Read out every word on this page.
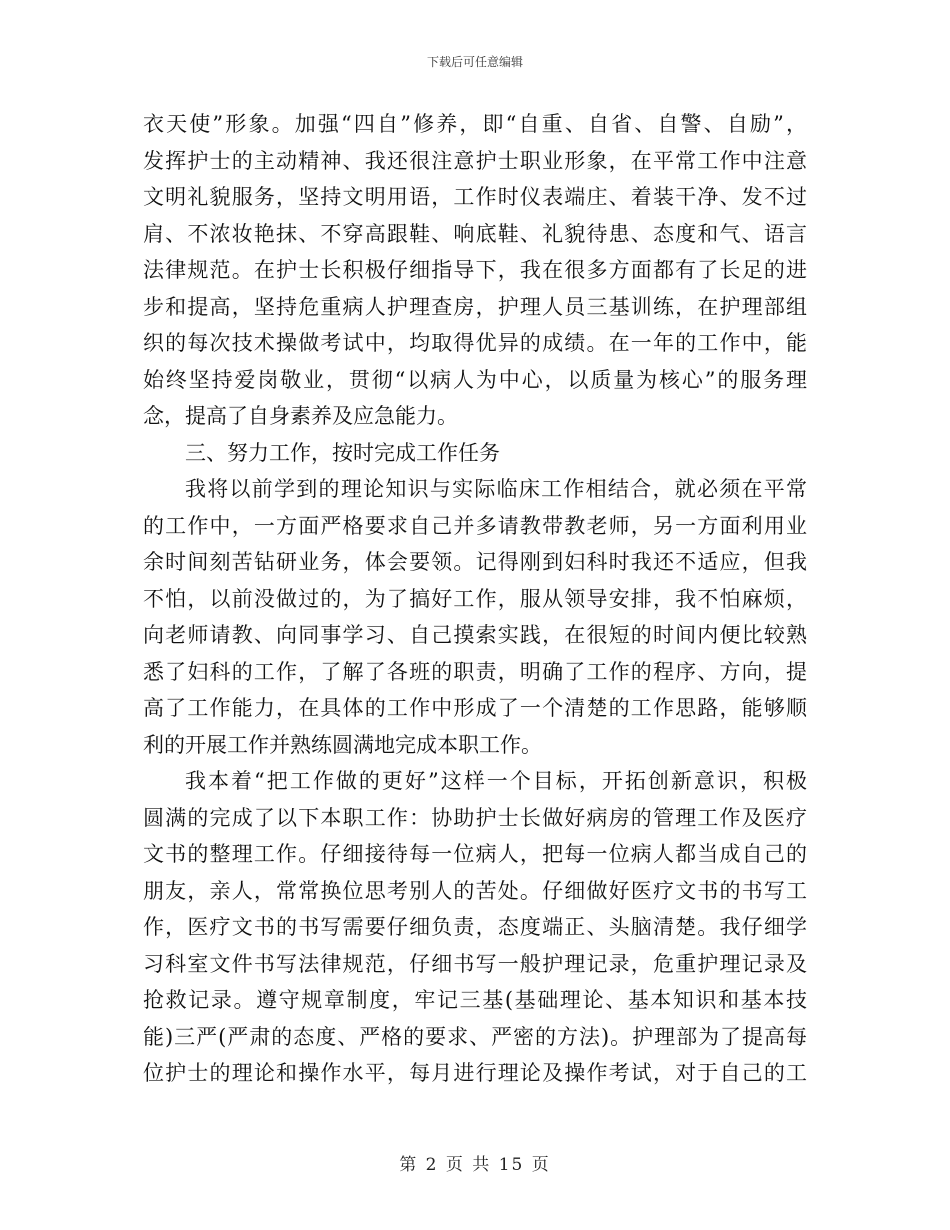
下载后可任意编辑
衣天使”形象。加强“四自”修养，即“自重、自省、自警、自励”，
发挥护士的主动精神、我还很注意护士职业形象，在平常工作中注意
文明礼貌服务，坚持文明用语，工作时仪表端庄、着装干净、发不过
肩、不浓妆艳抹、不穿高跟鞋、响底鞋、礼貌待患、态度和气、语言
法律规范。在护士长积极仔细指导下，我在很多方面都有了长足的进
步和提高，坚持危重病人护理查房，护理人员三基训练，在护理部组
织的每次技术操做考试中，均取得优异的成绩。在一年的工作中，能
始终坚持爱岗敬业，贯彻“以病人为中心，以质量为核心”的服务理
念，提高了自身素养及应急能力。
三、努力工作，按时完成工作任务
我将以前学到的理论知识与实际临床工作相结合，就必须在平常
的工作中，一方面严格要求自己并多请教带教老师，另一方面利用业
余时间刻苦钻研业务，体会要领。记得刚到妇科时我还不适应，但我
不怕，以前没做过的，为了搞好工作，服从领导安排，我不怕麻烦，
向老师请教、向同事学习、自己摸索实践，在很短的时间内便比较熟
悉了妇科的工作，了解了各班的职责，明确了工作的程序、方向，提
高了工作能力，在具体的工作中形成了一个清楚的工作思路，能够顺
利的开展工作并熟练圆满地完成本职工作。
我本着“把工作做的更好”这样一个目标，开拓创新意识，积极
圆满的完成了以下本职工作：协助护士长做好病房的管理工作及医疗
文书的整理工作。仔细接待每一位病人，把每一位病人都当成自己的
朋友，亲人，常常换位思考别人的苦处。仔细做好医疗文书的书写工
作，医疗文书的书写需要仔细负责，态度端正、头脑清楚。我仔细学
习科室文件书写法律规范，仔细书写一般护理记录，危重护理记录及
抢救记录。遵守规章制度，牢记三基(基础理论、基本知识和基本技
能)三严(严肃的态度、严格的要求、严密的方法)。护理部为了提高每
位护士的理论和操作水平，每月进行理论及操作考试，对于自己的工
第 2 页 共 15 页
